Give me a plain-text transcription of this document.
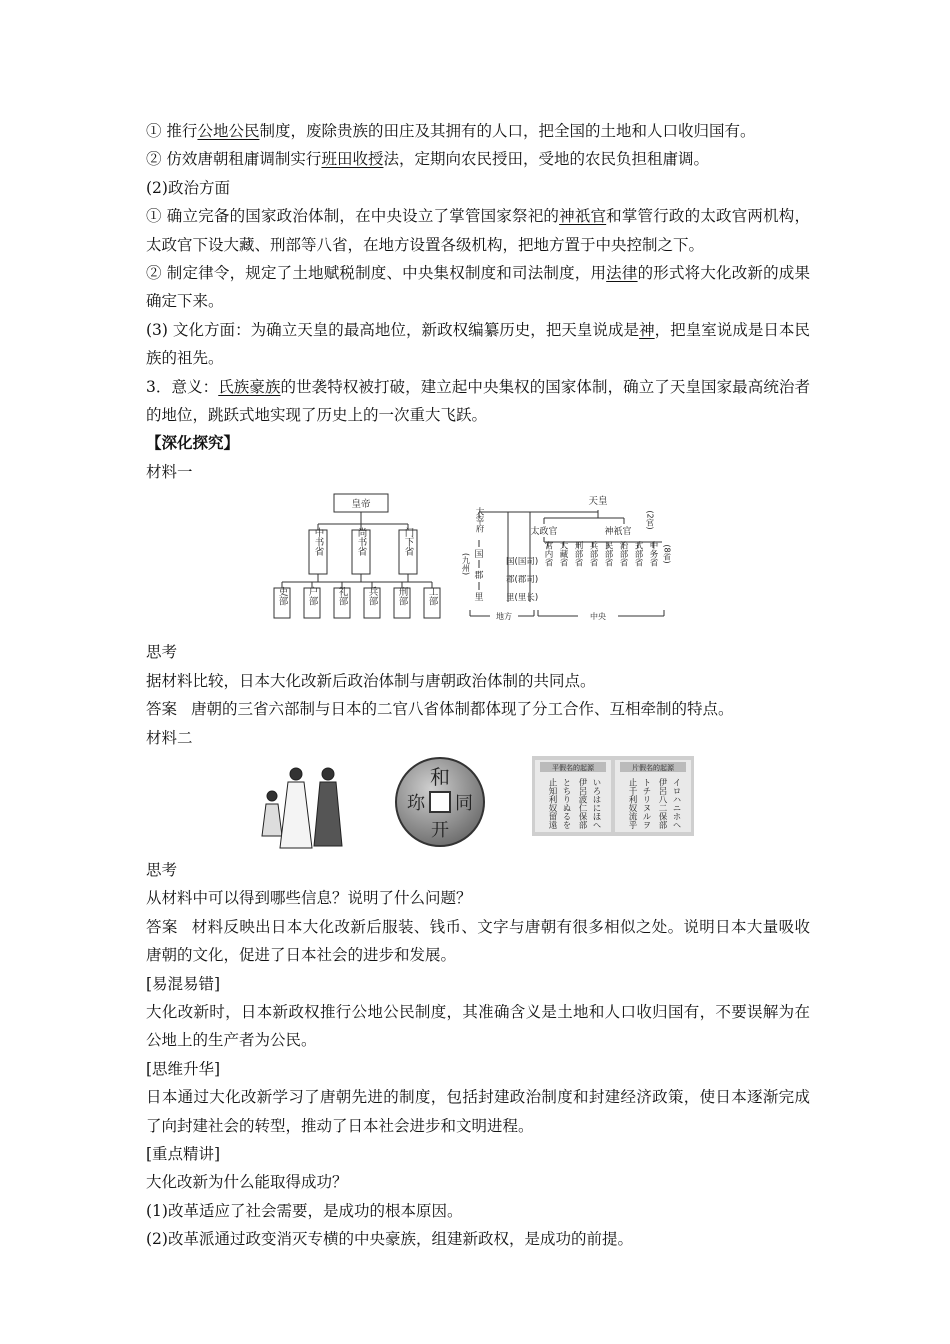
① 推行公地公民制度，废除贵族的田庄及其拥有的人口，把全国的土地和人口收归国有。

② 仿效唐朝租庸调制实行班田收授法，定期向农民授田，受地的农民负担租庸调。

(2)政治方面

① 确立完备的国家政治体制，在中央设立了掌管国家祭祀的神祇官和掌管行政的太政官两机构，太政官下设大藏、刑部等八省，在地方设置各级机构，把地方置于中央控制之下。

② 制定律令，规定了土地赋税制度、中央集权制度和司法制度，用法律的形式将大化改新的成果确定下来。

(3) 文化方面：为确立天皇的最高地位，新政权编纂历史，把天皇说成是神，把皇室说成是日本民族的祖先。

3．意义：氏族豪族的世袭特权被打破，建立起中央集权的国家体制，确立了天皇国家最高统治者的地位，跳跃式地实现了历史上的一次重大飞跃。

【深化探究】

材料一

皇帝
中书省	尚书省	门下省
吏部 户部 礼部 兵部 刑部 工部
天皇
太政官	神祇官
(2官)
大宰府
(九州) 国
郡
里
国(国司)
郡(郡司)
里(里长)
宫内省 大藏省 刑部省 兵部省 民部省 治部省 式部省 中务省 (8省)
地方	中央

思考

据材料比较，日本大化改新后政治体制与唐朝政治体制的共同点。

答案 唐朝的三省六部制与日本的二官八省体制都体现了分工合作、互相牵制的特点。

材料二

和
开
珎 同
平假名的起源	片假名的起源
いろはにほへ
伊呂波仁保部
とちりぬるを
止知利奴留遠	イロハニホヘ
伊呂八二保部
トチリヌルヲ
止千利奴流乎

思考

从材料中可以得到哪些信息？说明了什么问题？

答案 材料反映出日本大化改新后服装、钱币、文字与唐朝有很多相似之处。说明日本大量吸收唐朝的文化，促进了日本社会的进步和发展。

[易混易错]

大化改新时，日本新政权推行公地公民制度，其准确含义是土地和人口收归国有，不要误解为在公地上的生产者为公民。

[思维升华]

日本通过大化改新学习了唐朝先进的制度，包括封建政治制度和封建经济政策，使日本逐渐完成了向封建社会的转型，推动了日本社会进步和文明进程。

[重点精讲]

大化改新为什么能取得成功？

(1)改革适应了社会需要，是成功的根本原因。

(2)改革派通过政变消灭专横的中央豪族，组建新政权，是成功的前提。
